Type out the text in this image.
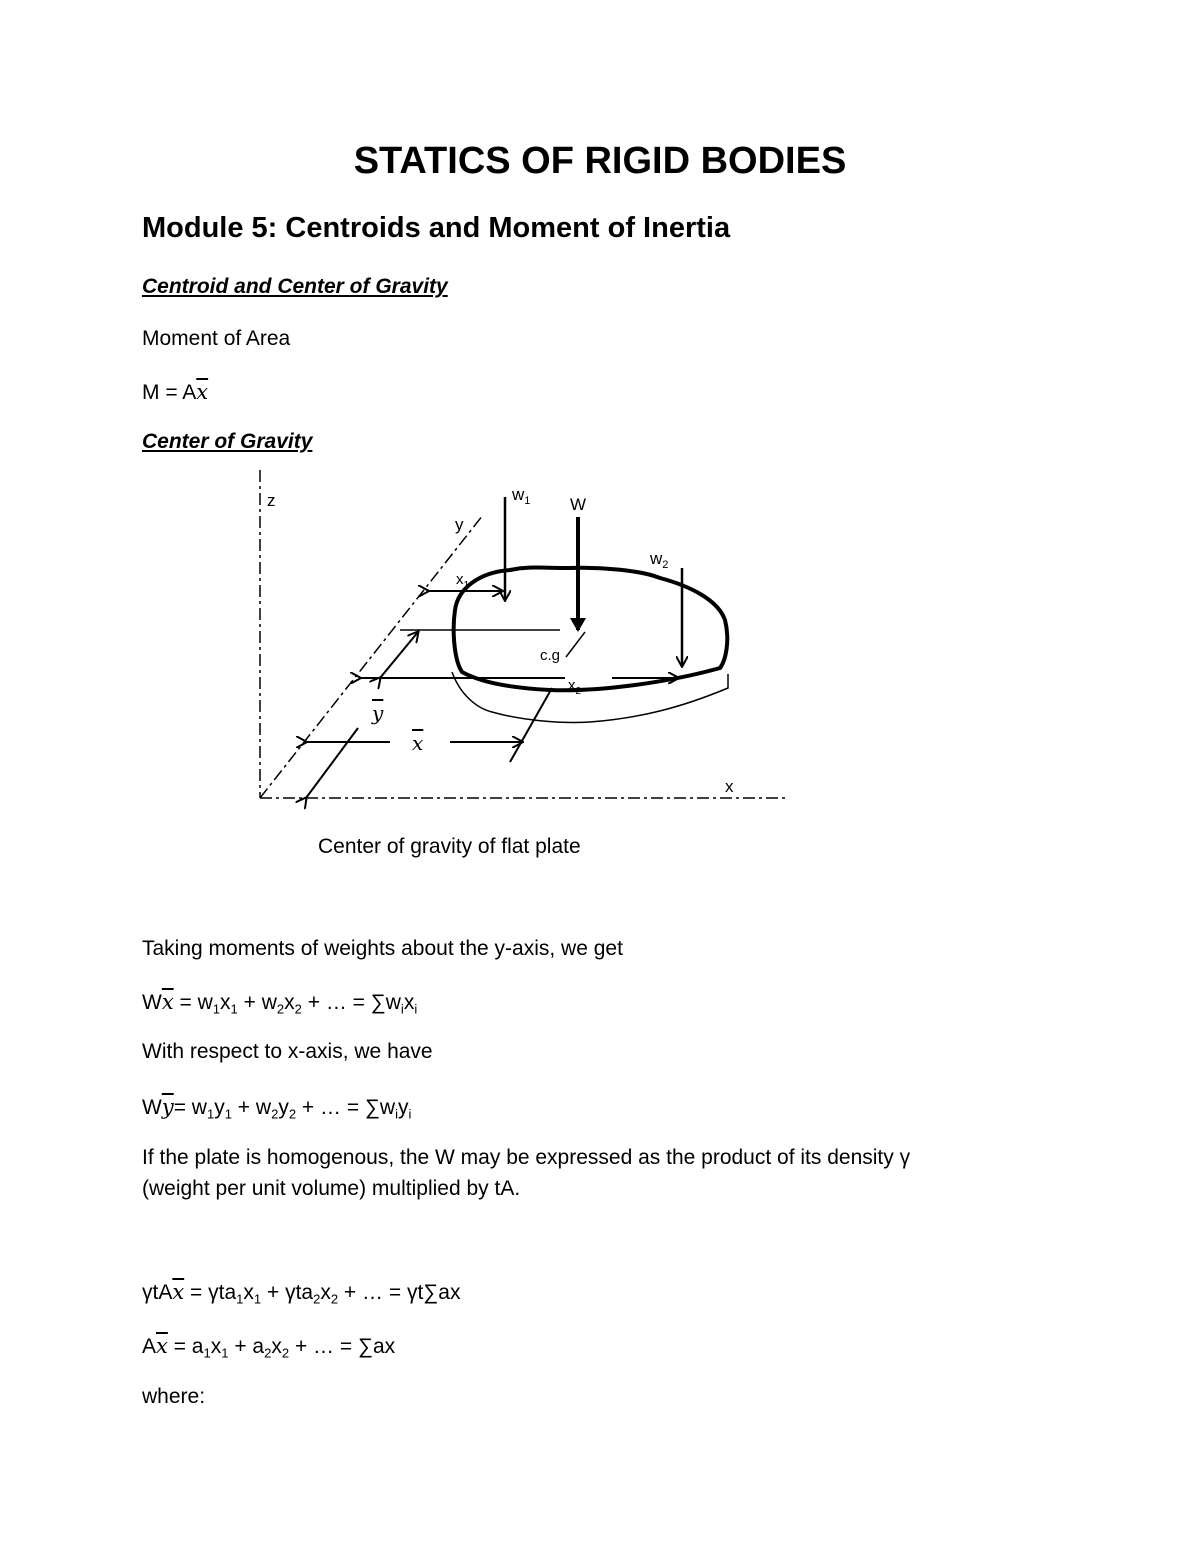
STATICS OF RIGID BODIES
Module 5: Centroids and Moment of Inertia
Centroid and Center of Gravity
Moment of Area
$M = A\overline{x}$
Center of Gravity
z
y
x
$w_1$ W
$w_2$
$x_1$
$x_2$
c.g
y
x
Center of gravity of flat plate
Taking moments of weights about the y-axis, we get
$W\overline{x} = w_1x_1 + w_2x_2$ + … = $\sum w_ix_i$
With respect to x-axis, we have
$W\overline{y}= w_1y_1 + w_2y_2$ + … = $\sum w_iy_i$
If the plate is homogenous, the W may be expressed as the product of its density γ
(weight per unit volume) multiplied by tA.
$\gamma tA\overline{x} = \gamma ta_1x_1 + \gamma ta_2x_2$ + … = γt∑ax
$A\overline{x} = a_1x_1 + a_2x_2$ + … = ∑ax
where:
